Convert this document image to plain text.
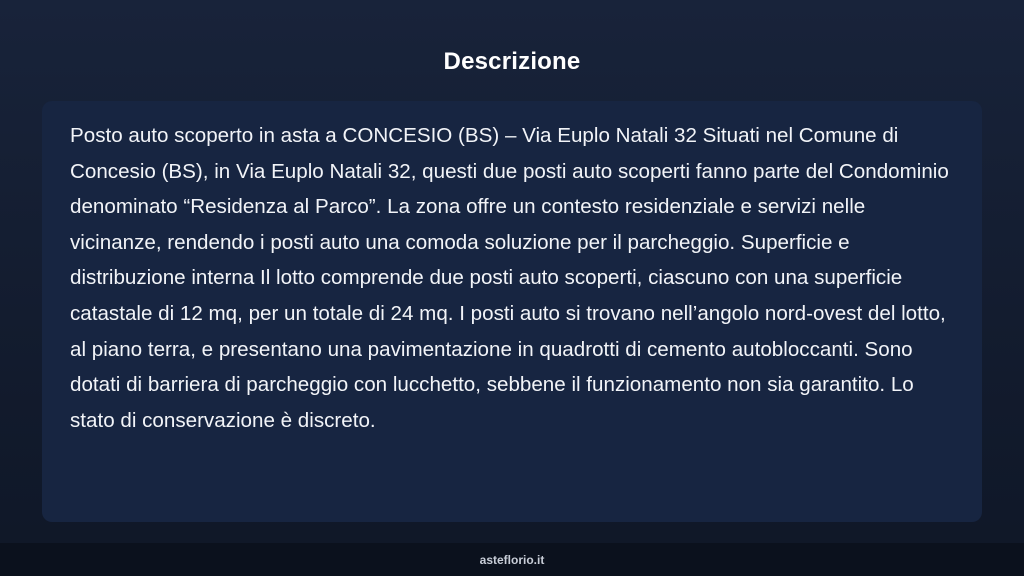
Descrizione

Posto auto scoperto in asta a CONCESIO (BS) – Via Euplo Natali 32 Situati nel Comune di Concesio (BS), in Via Euplo Natali 32, questi due posti auto scoperti fanno parte del Condominio denominato “Residenza al Parco”. La zona offre un contesto residenziale e servizi nelle vicinanze, rendendo i posti auto una comoda soluzione per il parcheggio. Superficie e distribuzione interna Il lotto comprende due posti auto scoperti, ciascuno con una superficie catastale di 12 mq, per un totale di 24 mq. I posti auto si trovano nell’angolo nord-ovest del lotto, al piano terra, e presentano una pavimentazione in quadrotti di cemento autobloccanti. Sono dotati di barriera di parcheggio con lucchetto, sebbene il funzionamento non sia garantito. Lo stato di conservazione è discreto.

asteflorio.it
